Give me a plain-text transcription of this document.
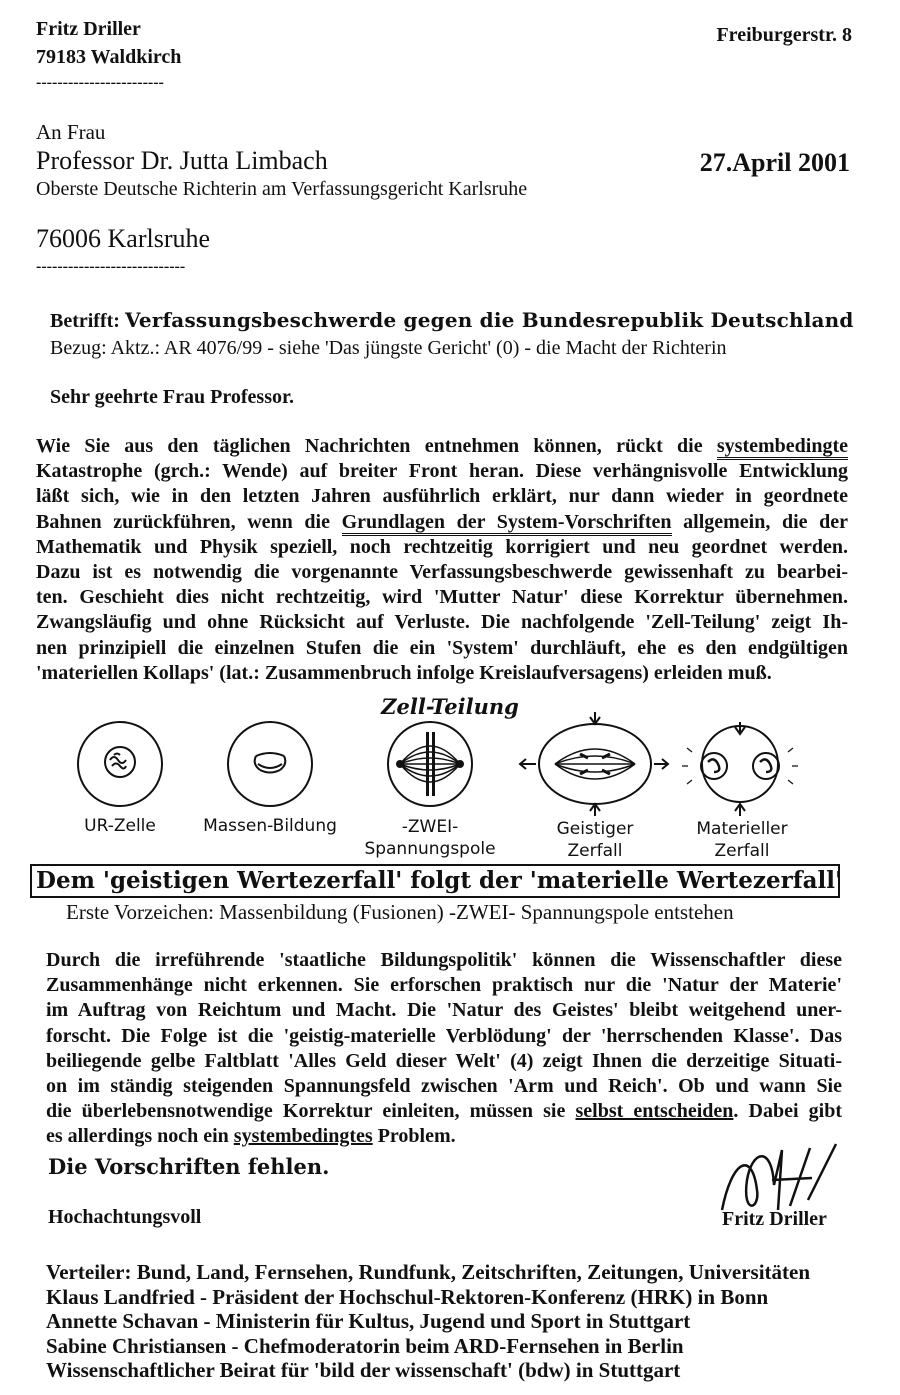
Fritz Driller
79183 Waldkirch
Freiburgerstr. 8
------------------------
An Frau
Professor Dr. Jutta Limbach	27.April 2001
Oberste Deutsche Richterin am Verfassungsgericht Karlsruhe
76006 Karlsruhe
----------------------------
Betrifft: Verfassungsbeschwerde gegen die Bundesrepublik Deutschland
Bezug: Aktz.: AR 4076/99 - siehe 'Das jüngste Gericht' (0) - die Macht der Richterin
Sehr geehrte Frau Professor.
Wie Sie aus den täglichen Nachrichten entnehmen können, rückt die systembedingte
Katastrophe (grch.: Wende) auf breiter Front heran. Diese verhängnisvolle Entwicklung
läßt sich, wie in den letzten Jahren ausführlich erklärt, nur dann wieder in geordnete
Bahnen zurückführen, wenn die Grundlagen der System-Vorschriften allgemein, die der
Mathematik und Physik speziell, noch rechtzeitig korrigiert und neu geordnet werden.
Dazu ist es notwendig die vorgenannte Verfassungsbeschwerde gewissenhaft zu bearbei-
ten. Geschieht dies nicht rechtzeitig, wird 'Mutter Natur' diese Korrektur übernehmen.
Zwangsläufig und ohne Rücksicht auf Verluste. Die nachfolgende 'Zell-Teilung' zeigt Ih-
nen prinzipiell die einzelnen Stufen die ein 'System' durchläuft, ehe es den endgültigen
'materiellen Kollaps' (lat.: Zusammenbruch infolge Kreislaufversagens) erleiden muß.
Zell-Teilung
UR-Zelle	Massen-Bildung	-ZWEI-
Spannungspole
Geistiger
Zerfall
Materieller
Zerfall
Dem 'geistigen Wertezerfall' folgt der 'materielle Wertezerfall'
Erste Vorzeichen: Massenbildung (Fusionen) -ZWEI- Spannungspole entstehen
Durch die irreführende 'staatliche Bildungspolitik' können die Wissenschaftler diese
Zusammenhänge nicht erkennen. Sie erforschen praktisch nur die 'Natur der Materie'
im Auftrag von Reichtum und Macht. Die 'Natur des Geistes' bleibt weitgehend uner-
forscht. Die Folge ist die 'geistig-materielle Verblödung' der 'herrschenden Klasse'. Das
beiliegende gelbe Faltblatt 'Alles Geld dieser Welt' (4) zeigt Ihnen die derzeitige Situati-
on im ständig steigenden Spannungsfeld zwischen 'Arm und Reich'. Ob und wann Sie
die überlebensnotwendige Korrektur einleiten, müssen sie selbst entscheiden. Dabei gibt
es allerdings noch ein systembedingtes Problem.
Die Vorschriften fehlen.
Hochachtungsvoll	Fritz Driller
Verteiler: Bund, Land, Fernsehen, Rundfunk, Zeitschriften, Zeitungen, Universitäten
Klaus Landfried - Präsident der Hochschul-Rektoren-Konferenz (HRK) in Bonn
Annette Schavan - Ministerin für Kultus, Jugend und Sport in Stuttgart
Sabine Christiansen - Chefmoderatorin beim ARD-Fernsehen in Berlin
Wissenschaftlicher Beirat für 'bild der wissenschaft' (bdw) in Stuttgart
